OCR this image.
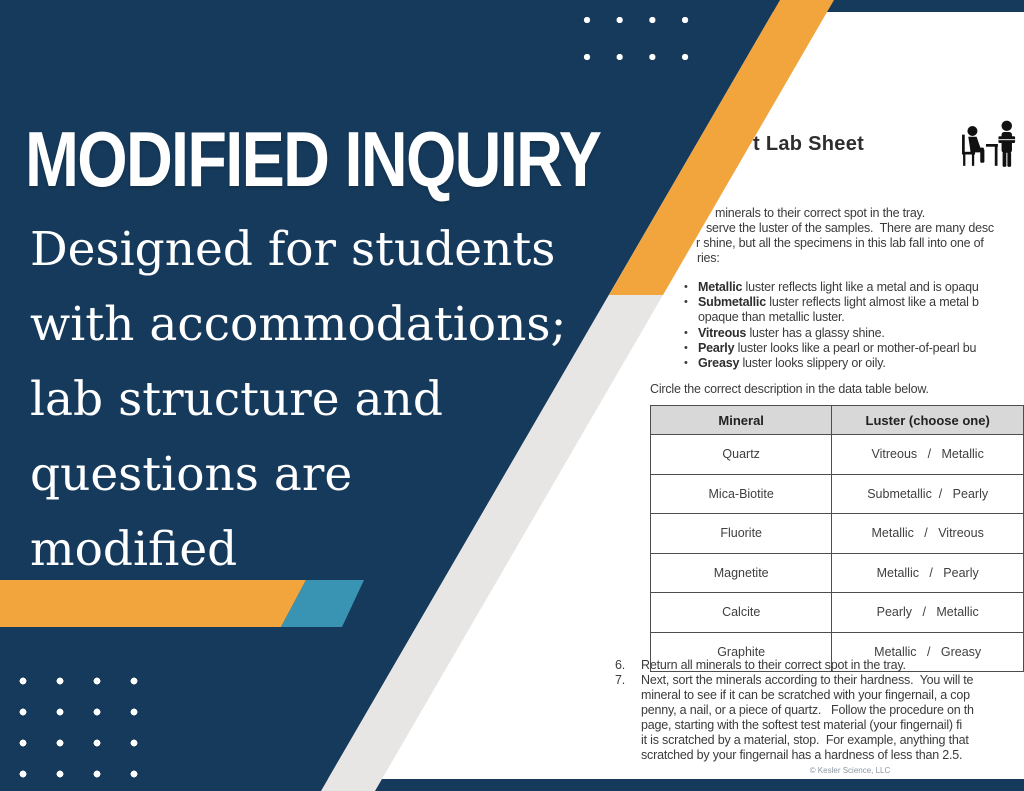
t Lab Sheet
minerals to their correct spot in the tray.
serve the luster of the samples.  There are many desc
r shine, but all the specimens in this lab fall into one of
ries:
• Metallic luster reflects light like a metal and is opaqu
• Submetallic luster reflects light almost like a metal b
opaque than metallic luster.
• Vitreous luster has a glassy shine.
• Pearly luster looks like a pearl or mother-of-pearl bu
• Greasy luster looks slippery or oily.
Circle the correct description in the data table below.
Mineral	Luster (choose one)
Quartz	Vitreous   /   Metallic
Mica-Biotite	Submetallic  /   Pearly
Fluorite	Metallic   /   Vitreous
Magnetite	Metallic   /   Pearly
Calcite	Pearly   /   Metallic
Graphite	Metallic   /   Greasy
6. Return all minerals to their correct spot in the tray.
7. Next, sort the minerals according to their hardness.  You will te
mineral to see if it can be scratched with your fingernail, a cop
penny, a nail, or a piece of quartz.   Follow the procedure on th
page, starting with the softest test material (your fingernail) fi
it is scratched by a material, stop.  For example, anything that
scratched by your fingernail has a hardness of less than 2.5.
© Kesler Science, LLC
MODIFIED INQUIRY
Designed for students
with accommodations;
lab structure and
questions are
modified
